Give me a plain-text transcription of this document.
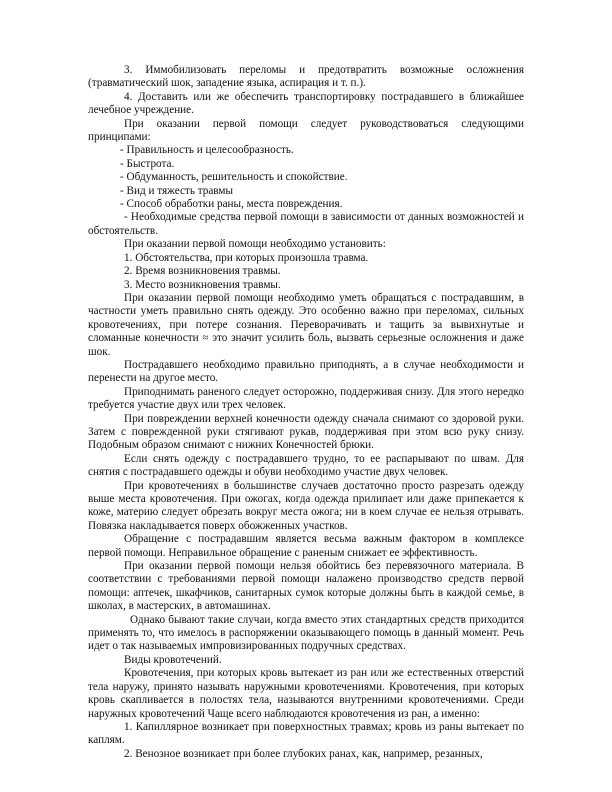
3. Иммобилизовать переломы и предотвратить возможные осложнения (травматический шок, западение языка, аспирация и т. п.).

4. Доставить или же обеспечить транспортировку пострадавшего в ближайшее лечебное учреждение.

При оказании первой помощи следует руководствоваться следующими принципами:

- Правильность и целесообразность.

- Быстрота.

- Обдуманность, решительность и спокойствие.

- Вид и тяжесть травмы

- Способ обработки раны, места повреждения.

- Необходимые средства первой помощи в зависимости от данных возможностей и обстоятельств.

При оказании первой помощи необходимо установить:

1. Обстоятельства, при которых произошла травма.

2. Время возникновения травмы.

3. Место возникновения травмы.

При оказании первой помощи необходимо уметь обращаться с пострадавшим, в частности уметь правильно снять одежду. Это особенно важно при переломах, сильных кровотечениях, при потере сознания. Переворачивать и тащить за вывихнутые и сломанные конечности ≈ это значит усилить боль, вызвать серьезные осложнения и даже шок.

Пострадавшего необходимо правильно приподнять, а в случае необходимости и перенести на другое место.

Приподнимать раненого следует осторожно, поддерживая снизу. Для этого нередко требуется участие двух или трех человек.

При повреждении верхней конечности одежду сначала снимают со здоровой руки. Затем с поврежденной руки стягивают рукав, поддерживая при этом всю руку снизу. Подобным образом снимают с нижних Конечностей брюки.

Если снять одежду с пострадавшего трудно, то ее распарывают по швам. Для снятия с пострадавшего одежды и обуви необходимо участие двух человек.

При кровотечениях в большинстве случаев достаточно просто разрезать одежду выше места кровотечения. При ожогах, когда одежда прилипает или даже припекается к коже, материю следует обрезать вокруг места ожога; ни в коем случае ее нельзя отрывать. Повязка накладывается поверх обожженных участков.

Обращение с пострадавшим является весьма важным фактором в комплексе первой помощи. Неправильное обращение с раненым снижает ее эффективность.

При оказании первой помощи нельзя обойтись без перевязочного материала. В соответствии с требованиями первой помощи налажено производство средств первой помощи: аптечек, шкафчиков, санитарных сумок которые должны быть в каждой семье, в школах, в мастерских, в автомашинах.

Однако бывают такие случаи, когда вместо этих стандартных средств приходится применять то, что имелось в распоряжении оказывающего помощь в данный момент. Речь идет о так называемых импровизированных подручных средствах.

Виды кровотечений.

Кровотечения, при которых кровь вытекает из ран или же естественных отверстий тела наружу, принято называть наружными кровотечениями. Кровотечения, при которых кровь скапливается в полостях тела, называются внутренними кровотечениями. Среди наружных кровотечений Чаще всего наблюдаются кровотечения из ран, а именно:

1. Капиллярное возникает при поверхностных травмах; кровь из раны вытекает по каплям.

2. Венозное возникает при более глубоких ранах, как, например, резанных,
